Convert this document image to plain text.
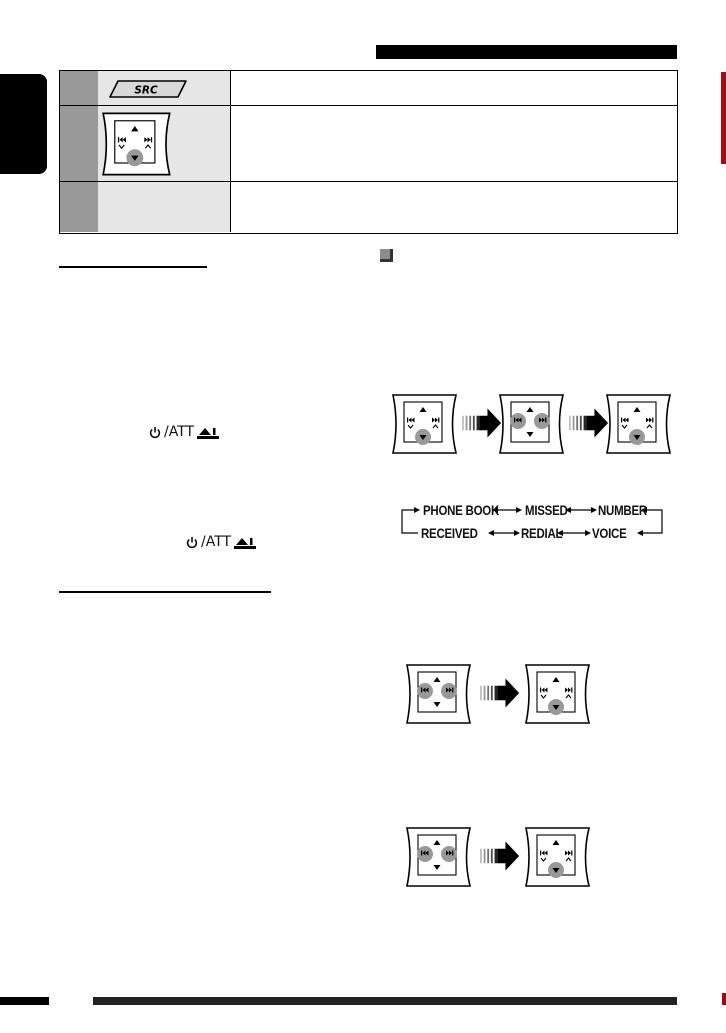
SRC
/ATT
/ATT
PHONE BOOK MISSED NUMBER
RECEIVED	REDIAL VOICE
